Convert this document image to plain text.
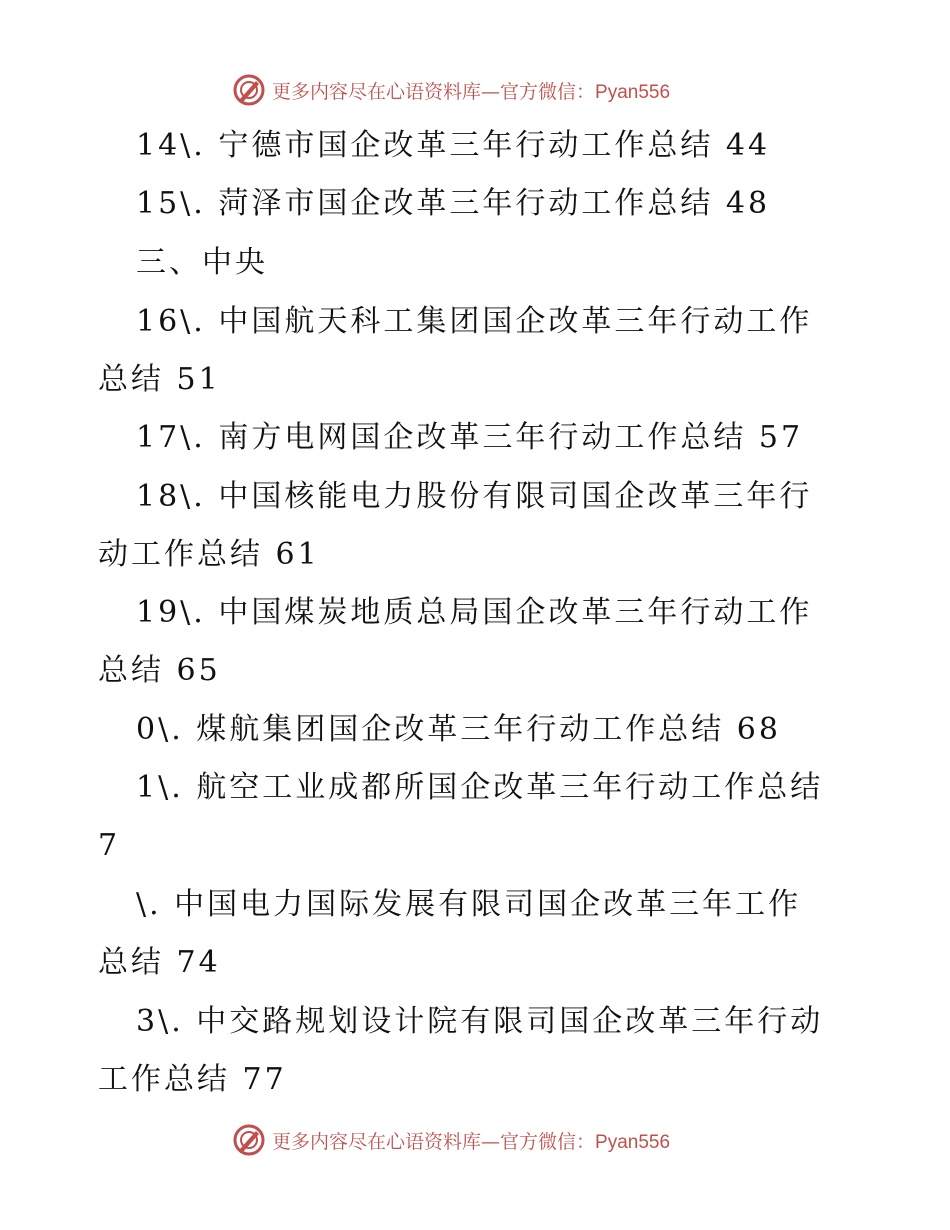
更多内容尽在心语资料库—官方微信：Pyan556
14\. 宁德市国企改革三年行动工作总结 44
15\. 菏泽市国企改革三年行动工作总结 48
三、中央
16\. 中国航天科工集团国企改革三年行动工作
总结 51
17\. 南方电网国企改革三年行动工作总结 57
18\. 中国核能电力股份有限司国企改革三年行
动工作总结 61
19\. 中国煤炭地质总局国企改革三年行动工作
总结 65
0\. 煤航集团国企改革三年行动工作总结 68
1\. 航空工业成都所国企改革三年行动工作总结
7
\. 中国电力国际发展有限司国企改革三年工作
总结 74
3\. 中交路规划设计院有限司国企改革三年行动
工作总结 77
更多内容尽在心语资料库—官方微信：Pyan556
